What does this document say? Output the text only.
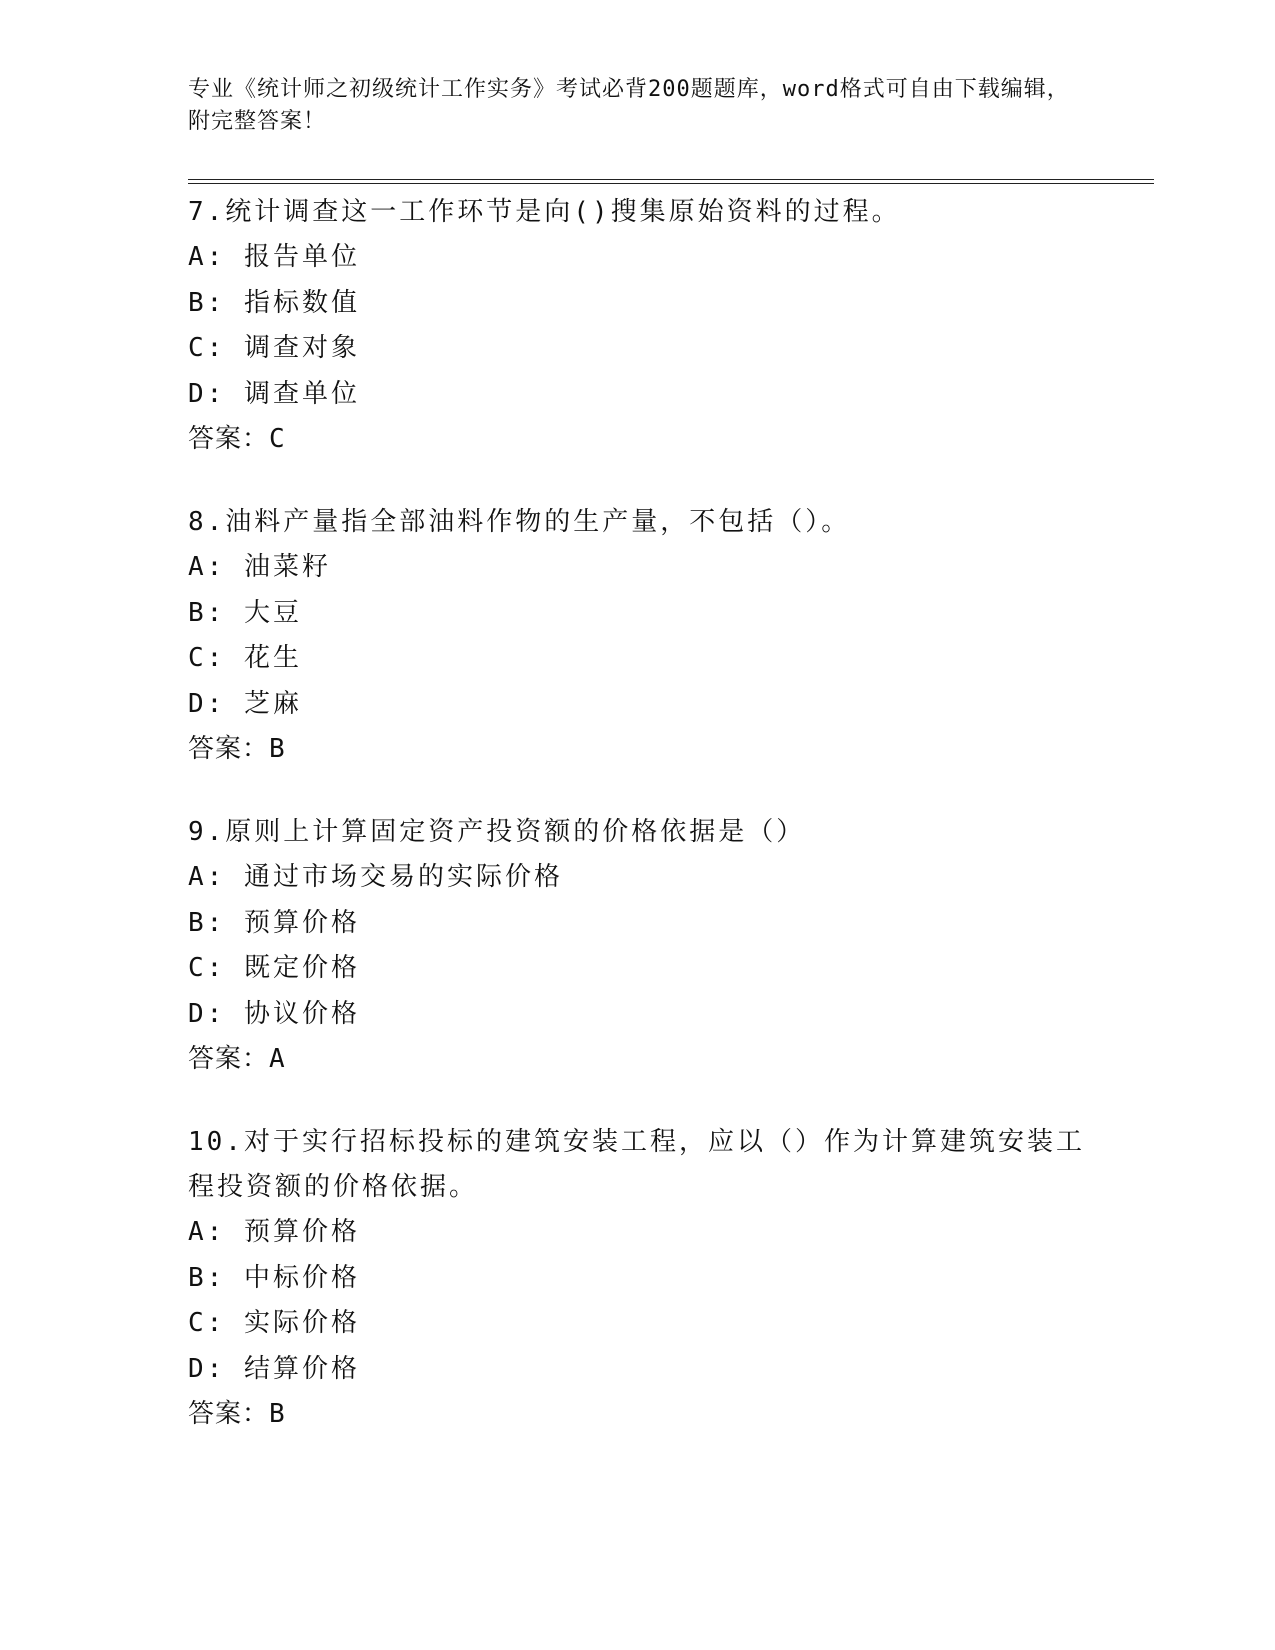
专业《统计师之初级统计工作实务》考试必背200题题库，word格式可自由下载编辑，附完整答案！
7.统计调查这一工作环节是向()搜集原始资料的过程。
A: 报告单位
B: 指标数值
C: 调查对象
D: 调查单位
答案：C
8.油料产量指全部油料作物的生产量，不包括（）。
A: 油菜籽
B: 大豆
C: 花生
D: 芝麻
答案：B
9.原则上计算固定资产投资额的价格依据是（）
A: 通过市场交易的实际价格
B: 预算价格
C: 既定价格
D: 协议价格
答案：A
10.对于实行招标投标的建筑安装工程，应以（）作为计算建筑安装工程投资额的价格依据。
A: 预算价格
B: 中标价格
C: 实际价格
D: 结算价格
答案：B
